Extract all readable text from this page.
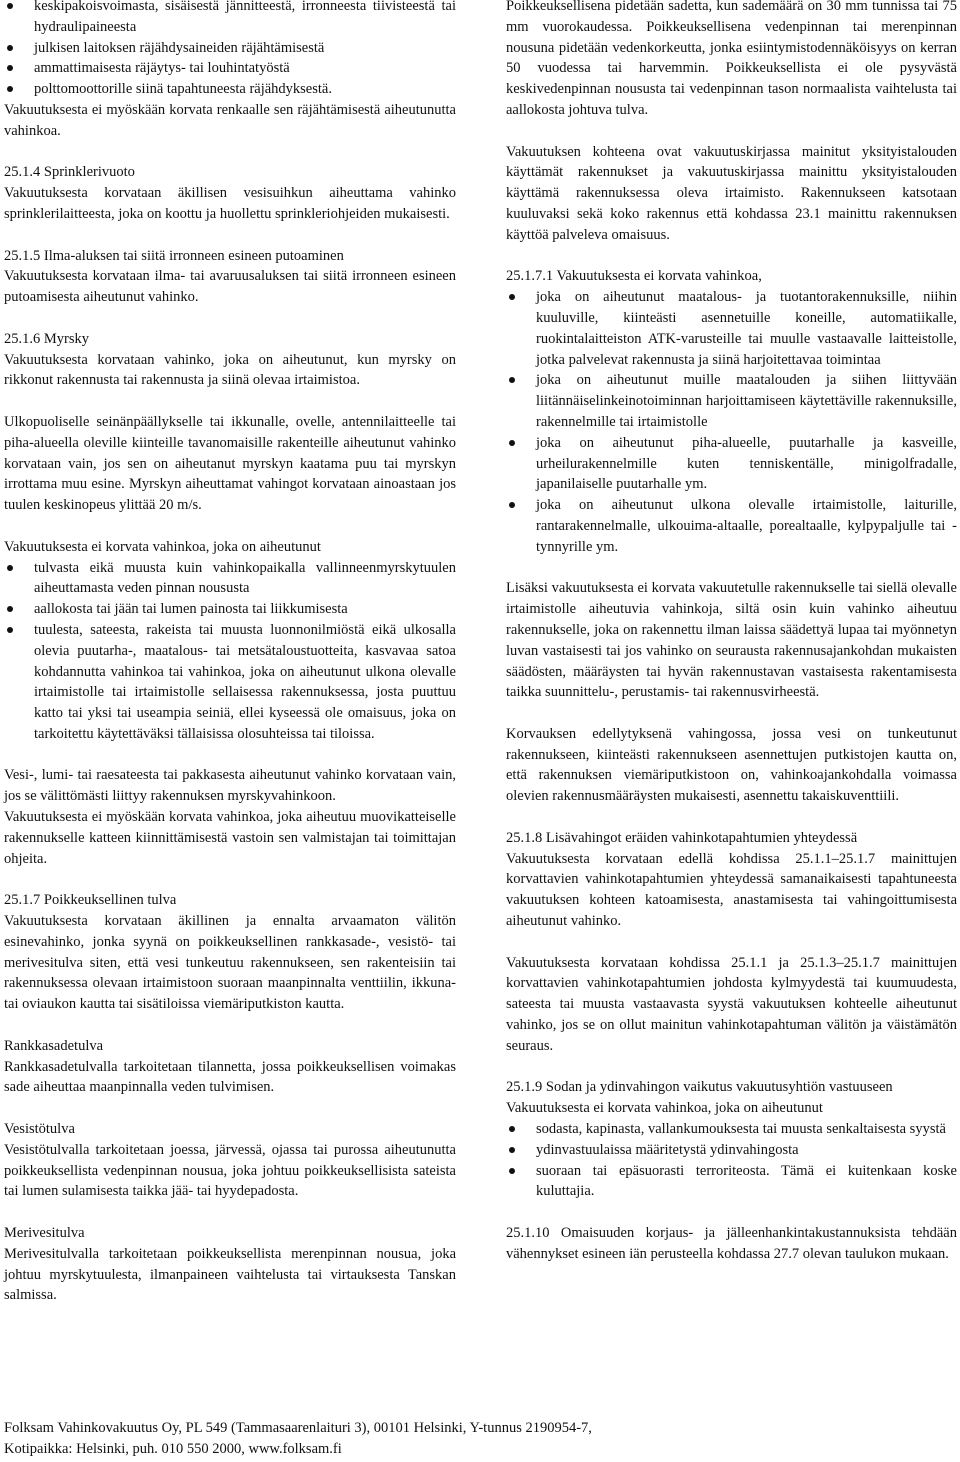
keskipakoisvoimasta, sisäisestä jännitteestä, irronneesta tiivisteestä tai hydraulipaineesta
julkisen laitoksen räjähdysaineiden räjähtämisestä
ammattimaisesta räjäytys- tai louhintatyöstä
polttomoottorille siinä tapahtuneesta räjähdyksestä.

Vakuutuksesta ei myöskään korvata renkaalle sen räjähtämisestä aiheutunutta vahinkoa.

25.1.4 Sprinklerivuoto

Vakuutuksesta korvataan äkillisen vesisuihkun aiheuttama vahinko sprinklerilaitteesta, joka on koottu ja huollettu sprinkleriohjeiden mukaisesti.

25.1.5 Ilma-aluksen tai siitä irronneen esineen putoaminen

Vakuutuksesta korvataan ilma- tai avaruusaluksen tai siitä irronneen esineen putoamisesta aiheutunut vahinko.

25.1.6 Myrsky

Vakuutuksesta korvataan vahinko, joka on aiheutunut, kun myrsky on rikkonut rakennusta tai rakennusta ja siinä olevaa irtaimistoa.

Ulkopuoliselle seinänpäällykselle tai ikkunalle, ovelle, antennilaitteelle tai piha-alueella oleville kiinteille tavanomaisille rakenteille aiheutunut vahinko korvataan vain, jos sen on aiheutanut myrskyn kaatama puu tai myrskyn irrottama muu esine. Myrskyn aiheuttamat vahingot korvataan ainoastaan jos tuulen keskinopeus ylittää 20 m/s.

Vakuutuksesta ei korvata vahinkoa, joka on aiheutunut

tulvasta eikä muusta kuin vahinkopaikalla vallinneenmyrskytuulen aiheuttamasta veden pinnan noususta
aallokosta tai jään tai lumen painosta tai liikkumisesta
tuulesta, sateesta, rakeista tai muusta luonnonilmiöstä eikä ulkosalla olevia puutarha-, maatalous- tai metsätaloustuotteita, kasvavaa satoa kohdannutta vahinkoa tai vahinkoa, joka on aiheutunut ulkona olevalle irtaimistolle tai irtaimistolle sellaisessa rakennuksessa, josta puuttuu katto tai yksi tai useampia seiniä, ellei kyseessä ole omaisuus, joka on tarkoitettu käytettäväksi tällaisissa olosuhteissa tai tiloissa.

Vesi-, lumi- tai raesateesta tai pakkasesta aiheutunut vahinko korvataan vain, jos se välittömästi liittyy rakennuksen myrskyvahinkoon.

Vakuutuksesta ei myöskään korvata vahinkoa, joka aiheutuu muovikatteiselle rakennukselle katteen kiinnittämisestä vastoin sen valmistajan tai toimittajan ohjeita.

25.1.7 Poikkeuksellinen tulva

Vakuutuksesta korvataan äkillinen ja ennalta arvaamaton välitön esinevahinko, jonka syynä on poikkeuksellinen rankkasade-, vesistö- tai merivesitulva siten, että vesi tunkeutuu rakennukseen, sen rakenteisiin tai rakennuksessa olevaan irtaimistoon suoraan maanpinnalta venttiilin, ikkuna- tai oviaukon kautta tai sisätiloissa viemäriputkiston kautta.

Rankkasadetulva

Rankkasadetulvalla tarkoitetaan tilannetta, jossa poikkeuksellisen voimakas sade aiheuttaa maanpinnalla veden tulvimisen.

Vesistötulva

Vesistötulvalla tarkoitetaan joessa, järvessä, ojassa tai purossa aiheutunutta poikkeuksellista vedenpinnan nousua, joka johtuu poikkeuksellisista sateista tai lumen sulamisesta taikka jää- tai hyydepadosta.

Merivesitulva

Merivesitulvalla tarkoitetaan poikkeuksellista merenpinnan nousua, joka johtuu myrskytuulesta, ilmanpaineen vaihtelusta tai virtauksesta Tanskan salmissa.

Poikkeuksellisena pidetään sadetta, kun sademäärä on 30 mm tunnissa tai 75 mm vuorokaudessa. Poikkeuksellisena vedenpinnan tai merenpinnan nousuna pidetään vedenkorkeutta, jonka esiintymistodennäköisyys on kerran 50 vuodessa tai harvemmin. Poikkeuksellista ei ole pysyvästä keskivedenpinnan noususta tai vedenpinnan tason normaalista vaihtelusta tai aallokosta johtuva tulva.

Vakuutuksen kohteena ovat vakuutuskirjassa mainitut yksityistalouden käyttämät rakennukset ja vakuutuskirjassa mainittu yksityistalouden käyttämä rakennuksessa oleva irtaimisto. Rakennukseen katsotaan kuuluvaksi sekä koko rakennus että kohdassa 23.1 mainittu rakennuksen käyttöä palveleva omaisuus.

25.1.7.1 Vakuutuksesta ei korvata vahinkoa,

joka on aiheutunut maatalous- ja tuotantorakennuksille, niihin kuuluville, kiinteästi asennetuille koneille, automatiikalle, ruokintalaitteiston ATK-varusteille tai muulle vastaavalle laitteistolle, jotka palvelevat rakennusta ja siinä harjoitettavaa toimintaa
joka on aiheutunut muille maatalouden ja siihen liittyvään liitännäiselinkeinotoiminnan harjoittamiseen käytettäville rakennuksille, rakennelmille tai irtaimistolle
joka on aiheutunut piha-alueelle, puutarhalle ja kasveille, urheilurakennelmille kuten tenniskentälle, minigolfradalle, japanilaiselle puutarhalle ym.
joka on aiheutunut ulkona olevalle irtaimistolle, laiturille, rantarakennelmalle, ulkouima-altaalle, porealtaalle, kylpypaljulle tai -tynnyrille ym.

Lisäksi vakuutuksesta ei korvata vakuutetulle rakennukselle tai siellä olevalle irtaimistolle aiheutuvia vahinkoja, siltä osin kuin vahinko aiheutuu rakennukselle, joka on rakennettu ilman laissa säädettyä lupaa tai myönnetyn luvan vastaisesti tai jos vahinko on seurausta rakennusajankohdan mukaisten säädösten, määräysten tai hyvän rakennustavan vastaisesta rakentamisesta taikka suunnittelu-, perustamis- tai rakennusvirheestä.

Korvauksen edellytyksenä vahingossa, jossa vesi on tunkeutunut rakennukseen, kiinteästi rakennukseen asennettujen putkistojen kautta on, että rakennuksen viemäriputkistoon on, vahinkoajankohdalla voimassa olevien rakennusmääräysten mukaisesti, asennettu takaiskuventtiili.

25.1.8 Lisävahingot eräiden vahinkotapahtumien yhteydessä

Vakuutuksesta korvataan edellä kohdissa 25.1.1–25.1.7 mainittujen korvattavien vahinkotapahtumien yhteydessä samanaikaisesti tapahtuneesta vakuutuksen kohteen katoamisesta, anastamisesta tai vahingoittumisesta aiheutunut vahinko.

Vakuutuksesta korvataan kohdissa 25.1.1 ja 25.1.3–25.1.7 mainittujen korvattavien vahinkotapahtumien johdosta kylmyydestä tai kuumuudesta, sateesta tai muusta vastaavasta syystä vakuutuksen kohteelle aiheutunut vahinko, jos se on ollut mainitun vahinkotapahtuman välitön ja väistämätön seuraus.

25.1.9 Sodan ja ydinvahingon vaikutus vakuutusyhtiön vastuuseen

Vakuutuksesta ei korvata vahinkoa, joka on aiheutunut

sodasta, kapinasta, vallankumouksesta tai muusta senkaltaisesta syystä
ydinvastuulaissa määritetystä ydinvahingosta
suoraan tai epäsuorasti terroriteosta. Tämä ei kuitenkaan koske kuluttajia.

25.1.10 Omaisuuden korjaus- ja jälleenhankintakustannuksista tehdään vähennykset esineen iän perusteella kohdassa 27.7 olevan taulukon mukaan.

Folksam Vahinkovakuutus Oy, PL 549 (Tammasaarenlaituri 3), 00101 Helsinki, Y-tunnus 2190954-7,

Kotipaikka: Helsinki, puh. 010 550 2000, www.folksam.fi
